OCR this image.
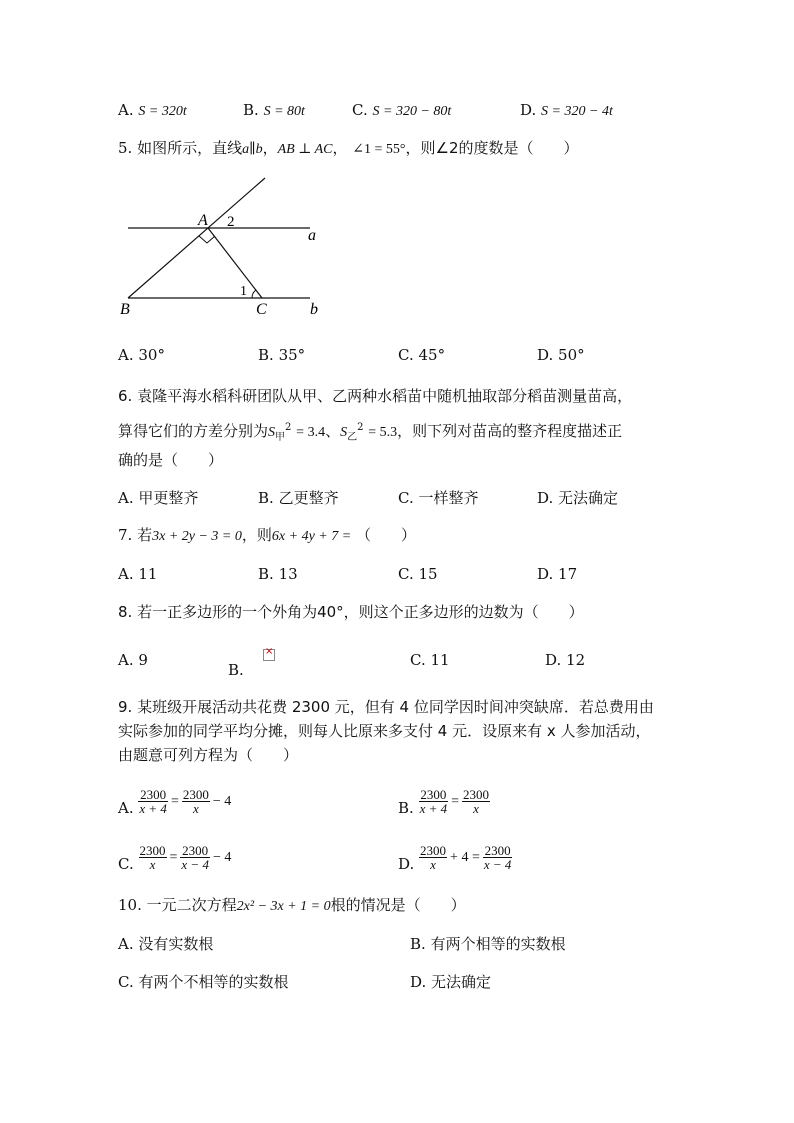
A. S = 320t	B. S = 80t	C. S = 320 − 80t	D. S = 320 − 4t
5. 如图所示，直线a∥b，AB ⊥ AC， ∠1 = 55°，则∠2的度数是（　　）
A 2
a
B
1
C	b
A. 30°	B. 35°	C. 45°	D. 50°
6. 袁隆平海水稻科研团队从甲、乙两种水稻苗中随机抽取部分稻苗测量苗高，
算得它们的方差分别为$S_甲^2 = 3.4$、$S_乙^2 = 5.3$，则下列对苗高的整齐程度描述正
确的是（　　）
A. 甲更整齐	B. 乙更整齐	C. 一样整齐	D. 无法确定
7. 若3x + 2y − 3 = 0，则6x + 4y + 7 = （　　）
A. 11	B. 13	C. 15	D. 17
8. 若一正多边形的一个外角为40°，则这个正多边形的边数为（　　）
A. 9
B.
×
C. 11	D. 12
9. 某班级开展活动共花费 2300 元，但有 4 位同学因时间冲突缺席．若总费用由
实际参加的同学平均分摊，则每人比原来多支付 4 元．设原来有 x 人参加活动，
由题意可列方程为（　　）
A. $\frac{2300}{x + 4} = \frac{2300}{x} - 4$	B. $\frac{2300}{x + 4} = \frac{2300}{x}$
C. $\frac{2300}{x} = \frac{2300}{x - 4} - 4$	D. $\frac{2300}{x} + 4 = \frac{2300}{x - 4}$
10. 一元二次方程2x² − 3x + 1 = 0根的情况是（　　）
A. 没有实数根	B. 有两个相等的实数根
C. 有两个不相等的实数根	D. 无法确定
